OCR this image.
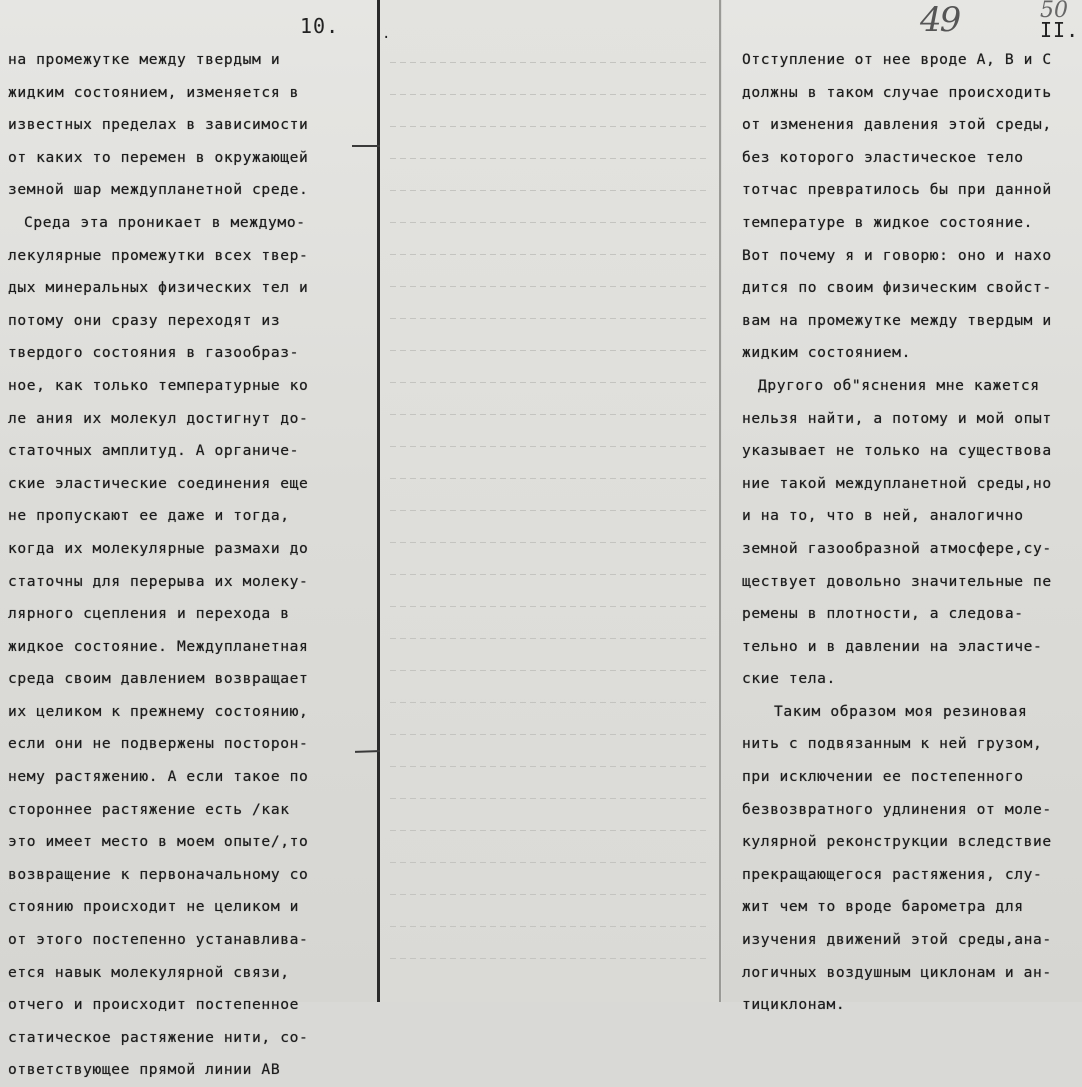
10.
на промежутке между твердым и
жидким состоянием, изменяется в
известных пределах в зависимости
от каких то перемен в окружающей
земной шар междупланетной среде.
Среда эта проникает в междумо-
лекулярные промежутки всех твер-
дых минеральных физических тел и
потому они сразу переходят из
твердого состояния в газообраз-
ное, как только температурные ко
ле ания их молекул достигнут до-
статочных амплитуд. А органиче-
ские эластические соединения еще
не пропускают ее даже и тогда,
когда их молекулярные размахи до
статочны для перерыва их молеку-
лярного сцепления и перехода в
жидкое состояние. Междупланетная
среда своим давлением возвращает
их целиком к прежнему состоянию,
если они не подвержены посторон-
нему растяжению. А если такое по
стороннее растяжение есть /как
это имеет место в моем опыте/,то
возвращение к первоначальному со
стоянию происходит не целиком и
от этого постепенно устанавлива-
ется навык молекулярной связи,
отчего и происходит постепенное
статическое растяжение нити, со-
ответствующее прямой линии АВ
.	49	50
II.
Отступление от нее вроде А, В и С
должны в таком случае происходить
от изменения давления этой среды,
без которого эластическое тело
тотчас превратилось бы при данной
температуре в жидкое состояние.
Вот почему я и говорю: оно и нахо
дится по своим физическим свойст-
вам на промежутке между твердым и
жидким состоянием.
Другого об"яснения мне кажется
нельзя найти, а потому и мой опыт
указывает не только на существова
ние такой междупланетной среды,но
и на то, что в ней, аналогично
земной газообразной атмосфере,су-
ществует довольно значительные пе
ремены в плотности, а следова-
тельно и в давлении на эластиче-
ские тела.
Таким образом моя резиновая
нить с подвязанным к ней грузом,
при исключении ее постепенного
безвозвратного удлинения от моле-
кулярной реконструкции вследствие
прекращающегося растяжения, слу-
жит чем то вроде барометра для
изучения движений этой среды,ана-
логичных воздушным циклонам и ан-
тициклонам.
